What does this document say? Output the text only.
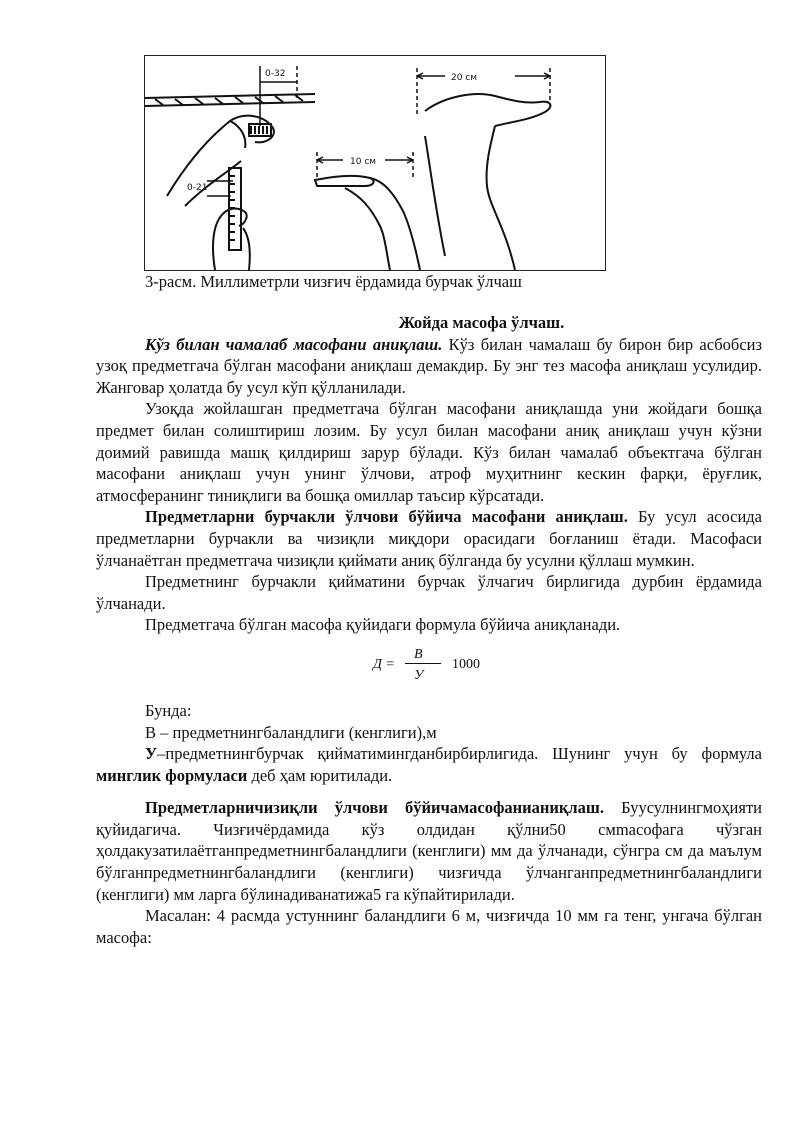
0-32	20 см
10 см
0-21
3-расм. Миллиметрли чизғич ёрдамида бурчак ўлчаш
Жойда масофа ўлчаш.

Кўз билан чамалаб масофани аниқлаш. Кўз билан чамалаш бу бирон бир асбобсиз узоқ предметгача бўлган масофани аниқлаш демакдир. Бу энг тез масофа аниқлаш усулидир. Жанговар ҳолатда бу усул кўп қўлланилади.

Узоқда жойлашган предметгача бўлган масофани аниқлашда уни жойдаги бошқа предмет билан солиштириш лозим. Бу усул билан масофани аниқ аниқлаш учун кўзни доимий равишда машқ қилдириш зарур бўлади. Кўз билан чамалаб объектгача бўлган масофани аниқлаш учун унинг ўлчови, атроф муҳитнинг кескин фарқи, ёруғлик, атмосферанинг тиниқлиги ва бошқа омиллар таъсир кўрсатади.

Предметларни бурчакли ўлчови бўйича масофани аниқлаш. Бу усул асосида предметларни бурчакли ва чизиқли миқдори орасидаги боғланиш ётади. Масофаси ўлчанаётган предметгача чизиқли қиймати аниқ бўлганда бу усулни қўллаш мумкин.

Предметнинг бурчакли қийматини бурчак ўлчагич бирлигида дурбин ёрдамида ўлчанади.

Предметгача бўлган масофа қуйидаги формула бўйича аниқланади.

Д =
В
У
1000

Бунда:

В – предметнингбаландлиги (кенглиги),м

У–предметнингбурчак қийматимингданбирбирлигида. Шунинг учун бу формула минглик формуласи деб ҳам юритилади.

Предметларничизиқли ўлчови бўйичамасофанианиқлаш. Буусулнингмоҳияти қуйидагича. Чизғичёрдамида кўз олдидан қўлни50 смmасофага чўзган ҳолдакузатилаётганпредметнингбаландлиги (кенглиги) мм да ўлчанади, сўнгра см да маълум бўлганпредметнингбаландлиги (кенглиги) чизғичда ўлчанганпредметнингбаландлиги (кенглиги) мм ларга бўлинадиванатижа5 га кўпайтирилади.

Масалан: 4 расмда устуннинг баландлиги 6 м, чизғичда 10 мм га тенг, унгача бўлган масофа:
